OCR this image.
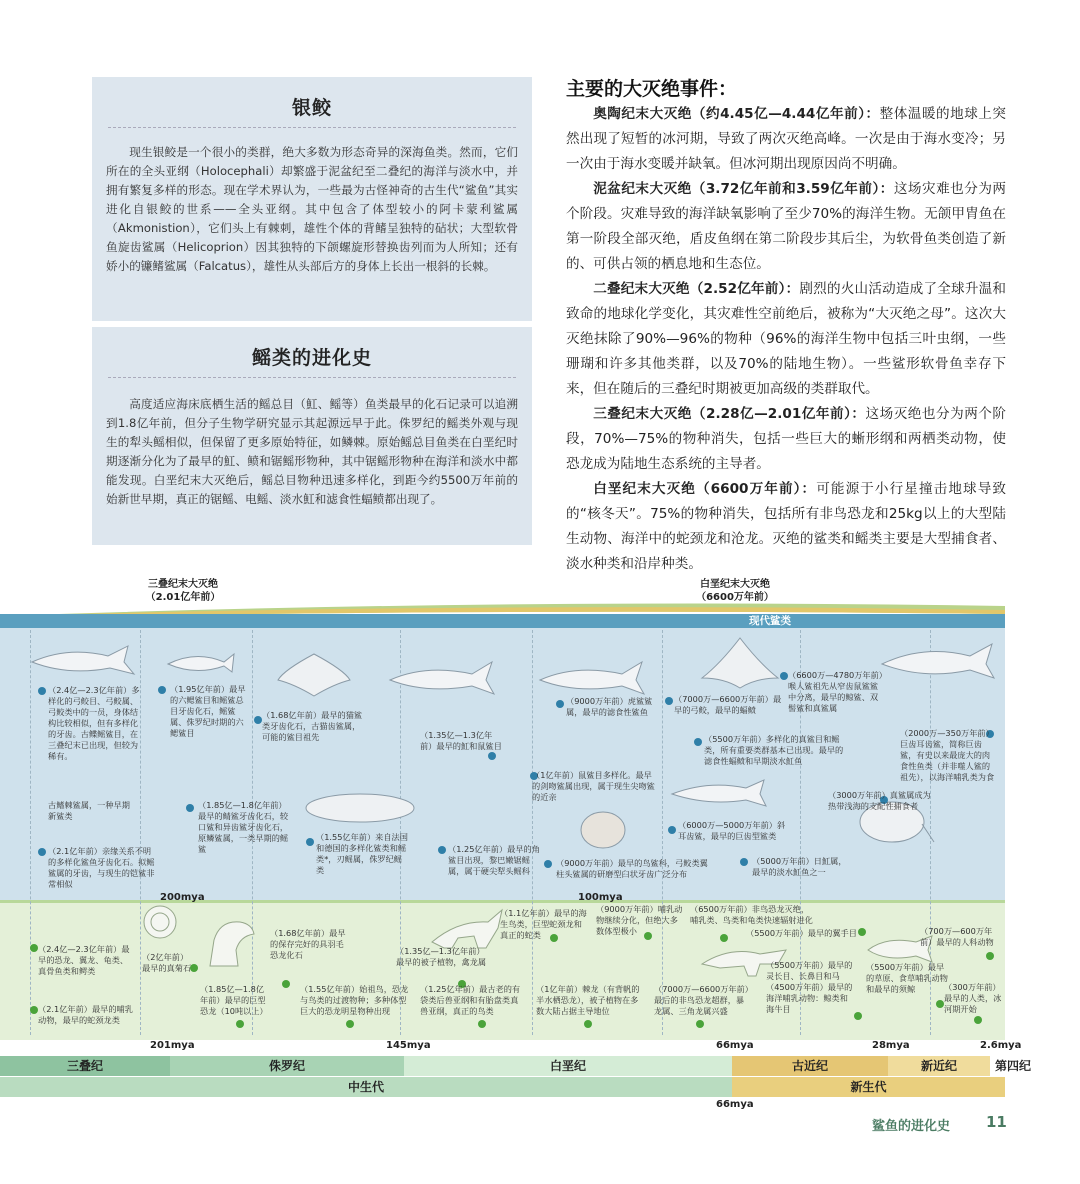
银鲛

现生银鲛是一个很小的类群，绝大多数为形态奇异的深海鱼类。然而，它们所在的全头亚纲（Holocephali）却繁盛于泥盆纪至二叠纪的海洋与淡水中，并拥有繁复多样的形态。现在学术界认为，一些最为古怪神奇的古生代“鲨鱼”其实进化自银鲛的世系——全头亚纲。其中包含了体型较小的阿卡蒙利鲨属（Akmonistion），它们头上有棘刺，雄性个体的背鳍呈独特的砧状；大型软骨鱼旋齿鲨属（Helicoprion）因其独特的下颌螺旋形替换齿列而为人所知；还有娇小的镰鳍鲨属（Falcatus），雄性从头部后方的身体上长出一根斜的长棘。

鳐类的进化史

高度适应海床底栖生活的鳐总目（魟、鳐等）鱼类最早的化石记录可以追溯到1.8亿年前，但分子生物学研究显示其起源远早于此。侏罗纪的鳐类外观与现生的犁头鳐相似，但保留了更多原始特征，如鳞棘。原始鳐总目鱼类在白垩纪时期逐渐分化为了最早的魟、鲼和锯鳐形物种，其中锯鳐形物种在海洋和淡水中都能发现。白垩纪末大灭绝后，鳐总目物种迅速多样化，到距今约5500万年前的始新世早期，真正的锯鳐、电鳐、淡水魟和滤食性蝠鲼都出现了。

主要的大灭绝事件：

奥陶纪末大灭绝（约4.45亿—4.44亿年前）：整体温暖的地球上突然出现了短暂的冰河期，导致了两次灭绝高峰。一次是由于海水变冷；另一次由于海水变暖并缺氧。但冰河期出现原因尚不明确。

泥盆纪末大灭绝（3.72亿年前和3.59亿年前）：这场灾难也分为两个阶段。灾难导致的海洋缺氧影响了至少70%的海洋生物。无颌甲胄鱼在第一阶段全部灭绝，盾皮鱼纲在第二阶段步其后尘，为软骨鱼类创造了新的、可供占领的栖息地和生态位。

二叠纪末大灭绝（2.52亿年前）：剧烈的火山活动造成了全球升温和致命的地球化学变化，其灾难性空前绝后，被称为“大灭绝之母”。这次大灭绝抹除了90%—96%的物种（96%的海洋生物中包括三叶虫纲，一些珊瑚和许多其他类群，以及70%的陆地生物）。一些鲨形软骨鱼幸存下来，但在随后的三叠纪时期被更加高级的类群取代。

三叠纪末大灭绝（2.28亿—2.01亿年前）：这场灭绝也分为两个阶段，70%—75%的物种消失，包括一些巨大的蜥形纲和两栖类动物，使恐龙成为陆地生态系统的主导者。

白垩纪末大灭绝（6600万年前）：可能源于小行星撞击地球导致的“核冬天”。75%的物种消失，包括所有非鸟恐龙和25kg以上的大型陆生动物、海洋中的蛇颈龙和沧龙。灭绝的鲨类和鳐类主要是大型捕食者、淡水种类和沿岸种类。

三叠纪末大灭绝
（2.01亿年前）
白垩纪末大灭绝
（6600万年前）
现代鲨类
（2.4亿—2.3亿年前）多样化的弓鲛目、弓鲛属、弓鲛类中的一员，身体结构比较相似，但有多样化的牙齿。古鲽鳐鲨目，在三叠纪末已出现，但较为稀有。
古鳍棘鲨属，一种早期新鲨类
（2.1亿年前）亲缘关系不明的多样化鲨鱼牙齿化石。拟鳐鲨属的牙齿，与现生的铠鲨非常相似
（1.95亿年前）最早的六鳃鲨目和鳐鲨总目牙齿化石，鳐鲨属、侏罗纪时期的六鳃鲨目
（1.85亿—1.8亿年前）最早的鲭鲨牙齿化石，较口鲨和异齿鲨牙齿化石，原鳞鲨属，一类早期的鳐鲨
（1.68亿年前）最早的猫鲨类牙齿化石，古猫齿鲨属，可能的鲨目祖先
（1.55亿年前）来自法国和德国的多样化鲨类和鳐类*，刃鳐属，侏罗纪鳐类
（1.35亿—1.3亿年前）最早的魟和鼠鲨目
（1.25亿年前）最早的角鲨目出现，黎巴嫩锯鳐属，属于硬尖犁头鳐科
（9000万年前）虎鲨鲨属，最早的滤食性鲨鱼
（1亿年前）鼠鲨目多样化。最早的剑吻鲨属出现，属于现生尖吻鲨的近亲
（9000万年前）最早的鸟鲨科，弓鲛类翼柱头鲨属的研磨型臼状牙齿广泛分布
（7000万—6600万年前）最早的弓鲛，最早的蝠鲼
（5500万年前）多样化的真鲨目和鳐类，所有重要类群基本已出现。最早的滤食性蝠鲼和早期淡水魟鱼
（6000万—5000万年前）斜耳齿鲨，最早的巨齿型鲨类
（5000万年前）日魟属，最早的淡水魟鱼之一
（6600万—4780万年前）喉人鲨祖先从窄齿鼠鲨鲨中分离，最早的鲸鲨、双髻鲨和真鲨属
（3000万年前）真鲨属成为热带浅海的支配性捕食者
（2000万—350万年前）巨齿耳齿鲨，简称巨齿鲨，有史以来最庞大的肉食性鱼类（并非噬人鲨的祖先），以海洋哺乳类为食
200mya	100mya
（2.4亿—2.3亿年前）最早的恐龙、翼龙、龟类、真骨鱼类和鳄类
（2.1亿年前）最早的哺乳动物，最早的蛇颈龙类
（2亿年前）最早的真菊石
（1.85亿—1.8亿年前）最早的巨型恐龙（10吨以上）
（1.68亿年前）最早的保存完好的具羽毛恐龙化石
（1.55亿年前）始祖鸟，恐龙与鸟类的过渡物种；多种体型巨大的恐龙明星物种出现
（1.35亿—1.3亿年前）最早的被子植物，禽龙属
（1.25亿年前）最古老的有袋类后兽亚纲和有胎盘类真兽亚纲，真正的鸟类
（1.1亿年前）最早的海生鸟类，巨型蛇颈龙和真正的蛇类
（1亿年前）棘龙（有背帆的半水栖恐龙），被子植物在多数大陆占据主导地位
（9000万年前）哺乳动物继续分化，但绝大多数体型极小
（7000万—6600万年前）最后的非鸟恐龙超群，暴龙属、三角龙属兴盛
（6500万年前）非鸟恐龙灭绝，哺乳类、鸟类和龟类快速辐射进化
（5500万年前）最早的翼手目
（5500万年前）最早的灵长目、长鼻目和马（4500万年前）最早的海洋哺乳动物：鲸类和海牛目
（5500万年前）最早的草原、食草哺乳动物和最早的须鲸
（700万—600万年前）最早的人科动物
（300万年前）最早的人类，冰河期开始
201mya	145mya	66mya	28mya	2.6mya
三叠纪	侏罗纪	白垩纪	古近纪	新近纪	第四纪
中生代	新生代
66mya
鲨鱼的进化史 11
